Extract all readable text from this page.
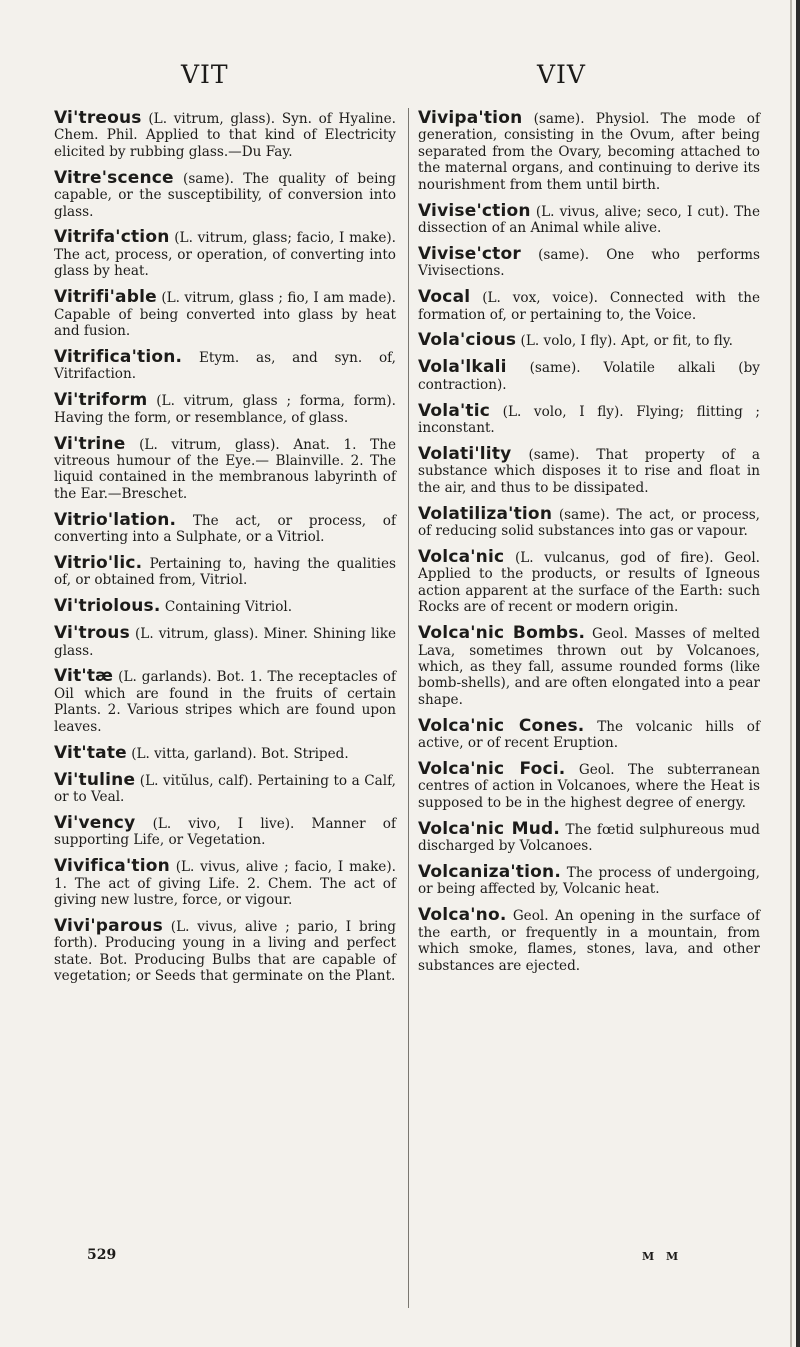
VIT	VIV

Vi'treous (L. vitrum, glass). Syn. of Hyaline. Chem. Phil. Applied to that kind of Electricity elicited by rubbing glass.—Du Fay.

Vitre'scence (same). The quality of being capable, or the susceptibility, of conversion into glass.

Vitrifa'ction (L. vitrum, glass; facio, I make). The act, process, or operation, of converting into glass by heat.

Vitrifi'able (L. vitrum, glass ; fio, I am made). Capable of being converted into glass by heat and fusion.

Vitrifica'tion. Etym. as, and syn. of, Vitrifaction.

Vi'triform (L. vitrum, glass ; forma, form). Having the form, or resemblance, of glass.

Vi'trine (L. vitrum, glass). Anat. 1. The vitreous humour of the Eye.— Blainville. 2. The liquid contained in the membranous labyrinth of the Ear.—Breschet.

Vitrio'lation. The act, or process, of converting into a Sulphate, or a Vitriol.

Vitrio'lic. Pertaining to, having the qualities of, or obtained from, Vitriol.

Vi'triolous. Containing Vitriol.

Vi'trous (L. vitrum, glass). Miner. Shining like glass.

Vit'tæ (L. garlands). Bot. 1. The receptacles of Oil which are found in the fruits of certain Plants. 2. Various stripes which are found upon leaves.

Vit'tate (L. vitta, garland). Bot. Striped.

Vi'tuline (L. vitŭlus, calf). Pertaining to a Calf, or to Veal.

Vi'vency (L. vivo, I live). Manner of supporting Life, or Vegetation.

Vivifica'tion (L. vivus, alive ; facio, I make). 1. The act of giving Life. 2. Chem. The act of giving new lustre, force, or vigour.

Vivi'parous (L. vivus, alive ; pario, I bring forth). Producing young in a living and perfect state. Bot. Producing Bulbs that are capable of vegetation; or Seeds that germinate on the Plant.

Vivipa'tion (same). Physiol. The mode of generation, consisting in the Ovum, after being separated from the Ovary, becoming attached to the maternal organs, and continuing to derive its nourishment from them until birth.

Vivise'ction (L. vivus, alive; seco, I cut). The dissection of an Animal while alive.

Vivise'ctor (same). One who performs Vivisections.

Vocal (L. vox, voice). Connected with the formation of, or pertaining to, the Voice.

Vola'cious (L. volo, I fly). Apt, or fit, to fly.

Vola'lkali (same). Volatile alkali (by contraction).

Vola'tic (L. volo, I fly). Flying; flitting ; inconstant.

Volati'lity (same). That property of a substance which disposes it to rise and float in the air, and thus to be dissipated.

Volatiliza'tion (same). The act, or process, of reducing solid substances into gas or vapour.

Volca'nic (L. vulcanus, god of fire). Geol. Applied to the products, or results of Igneous action apparent at the surface of the Earth: such Rocks are of recent or modern origin.

Volca'nic Bombs. Geol. Masses of melted Lava, sometimes thrown out by Volcanoes, which, as they fall, assume rounded forms (like bomb-shells), and are often elongated into a pear shape.

Volca'nic Cones. The volcanic hills of active, or of recent Eruption.

Volca'nic Foci. Geol. The subterranean centres of action in Volcanoes, where the Heat is supposed to be in the highest degree of energy.

Volca'nic Mud. The fœtid sulphureous mud discharged by Volcanoes.

Volcaniza'tion. The process of undergoing, or being affected by, Volcanic heat.

Volca'no. Geol. An opening in the surface of the earth, or frequently in a mountain, from which smoke, flames, stones, lava, and other substances are ejected.

529	M M
